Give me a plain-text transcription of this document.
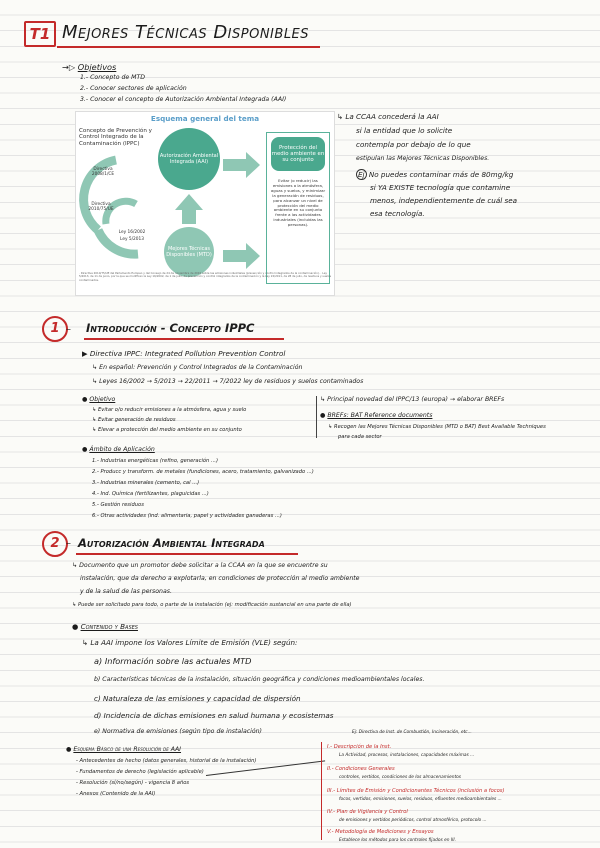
T1 Mejores Técnicas Disponibles
→▷ Objetivos
1.- Concepto de MTD
2.- Conocer sectores de aplicación
3.- Conocer el concepto de Autorización Ambiental Integrada (AAI)
Esquema general del tema
Concepto de Prevención y Control Integrado de la Contaminación (IPPC)
Directiva 2008/1/CE
Directiva 2010/75/UE
Ley 16/2002
Ley 5/2013
Autorización Ambiental Integrada (AAI)
Mejores Técnicas Disponibles (MTD)
Protección del medio ambiente en su conjunto
Evitar (o reducir) las emisiones a la atmósfera, aguas y suelos, y minimizar la generación de residuos, para alcanzar un nivel de protección del medio ambiente en su conjunto frente a las actividades industriales (incluidas las personas).
· Directiva 2010/75/UE del Parlamento Europeo y del Consejo de 24 de noviembre de 2010 sobre las emisiones industriales (prevención y control integrados de la contaminación). · Ley 5/2013, de 11 de junio, por la que se modifican la Ley 16/2002, de 1 de julio, de prevención y control integrados de la contaminación y la Ley 22/2011, de 28 de julio, de residuos y suelos contaminados.
↳ La CCAA concederá la AAI
si la entidad que lo solicite
contempla por debajo de lo que
estipulan las Mejores Técnicas Disponibles.
Ej No puedes contaminar más de 80mg/kg
si YA EXISTE tecnología que contamine
menos, independientemente de cuál sea
esa tecnología.
1 – Introducción - Concepto IPPC
▶ Directiva IPPC: Integrated Pollution Prevention Control
↳ En español: Prevención y Control Integrados de la Contaminación
↳ Leyes 16/2002 → 5/2013 → 22/2011 → 7/2022 ley de residuos y suelos contaminados
● Objetivo
↳ Evitar o/o reducir emisiones a la atmósfera, agua y suelo
↳ Evitar generación de residuos
↳ Elevar a protección del medio ambiente en su conjunto
● Ámbito de Aplicación
1.- Industrias energéticas (refino, generación ...)
2.- Producc y transform. de metales (fundiciones, acero, tratamiento, galvanizado ...)
3.- Industrias minerales (cemento, cal ...)
4.- Ind. Química (fertilizantes, plaguicidas ...)
5.- Gestión residuos
6.- Otras actividades (ind. alimentaria, papel y actividades ganaderas ...)
↳ Principal novedad del IPPC/13 (europa) → elaborar BREFs
● BREFs: BAT Reference documents
↳ Recogen las Mejores Técnicas Disponibles (MTD o BAT) Best Available Techniques
para cada sector
2 – Autorización Ambiental Integrada
↳ Documento que un promotor debe solicitar a la CCAA en la que se encuentre su
instalación, que da derecho a explotarla, en condiciones de protección al medio ambiente
y de la salud de las personas.
↳ Puede ser solicitado para todo, o parte de la instalación (ej: modificación sustancial en una parte de ella)
● Contenido y Bases
↳ La AAI impone los Valores Límite de Emisión (VLE) según:
a) Información sobre las actuales MTD
b) Características técnicas de la instalación, situación geográfica y condiciones medioambientales locales.
c) Naturaleza de las emisiones y capacidad de dispersión
d) Incidencia de dichas emisiones en salud humana y ecosistemas
e) Normativa de emisiones (según tipo de instalación)	Ej: Directiva de Inst. de Combustión, Incineración, etc...
● Esquema Básico de una Resolución de AAI
- Antecedentes de hecho (datos generales, historial de la instalación)
- Fundamentos de derecho (legislación aplicable)
- Resolución (sí/no/según) - vigencia 8 años
- Anexos (Contenido de la AAI)
I.- Descripción de la Inst.
La Actividad, procesos, instalaciones, capacidades máximas ...
II.- Condiciones Generales
controles, vertidos, condiciones de los almacenamientos
III.- Límites de Emisión y Condicionantes Técnicos (inclusión a focos)
focos, vertidos, emisiones, suelos, residuos, efluentes medioambientales ...
IV.- Plan de Vigilancia y Control
de emisiones y vertidos periódicos, control atmosférico, protocolo ...
V.- Metodología de Mediciones y Ensayos
Establece los métodos para los controles fijados en III.
